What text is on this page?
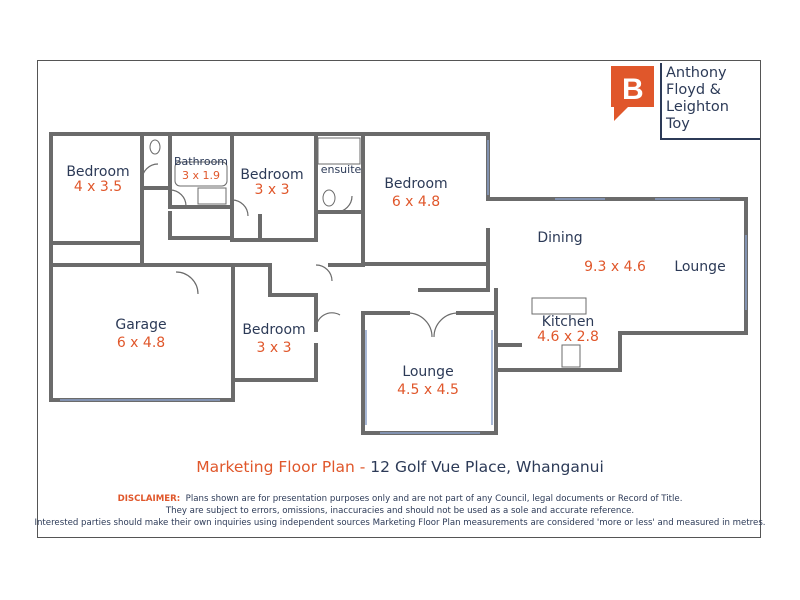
B Anthony
Floyd &
Leighton
Toy
Bedroom
4 x 3.5
Bathroom
3 x 1.9	Bedroom
3 x 3
ensuite
Bedroom
6 x 4.8
Dining
9.3 x 4.6	Lounge
Garage
6 x 4.8
Bedroom
3 x 3
Kitchen
4.6 x 2.8
Lounge
4.5 x 4.5
Marketing Floor Plan - 12 Golf Vue Place, Whanganui
DISCLAIMER: Plans shown are for presentation purposes only and are not part of any Council, legal documents or Record of Title.
They are subject to errors, omissions, inaccuracies and should not be used as a sole and accurate reference.
Interested parties should make their own inquiries using independent sources Marketing Floor Plan measurements are considered 'more or less' and measured in metres.
